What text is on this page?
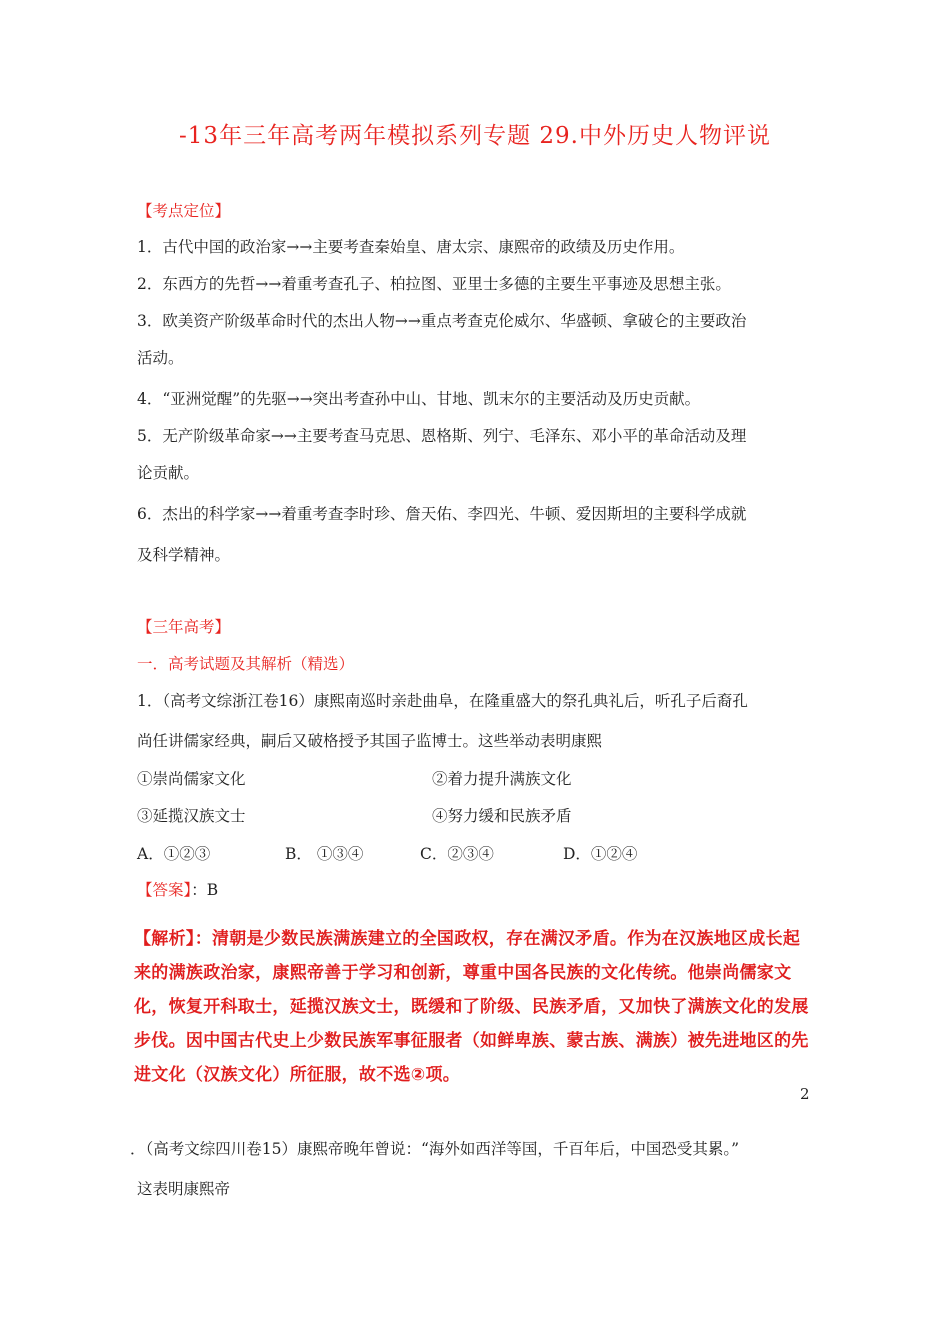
-13年三年高考两年模拟系列专题 29.中外历史人物评说
【考点定位】
1．古代中国的政治家→→主要考查秦始皇、唐太宗、康熙帝的政绩及历史作用。
2．东西方的先哲→→着重考查孔子、柏拉图、亚里士多德的主要生平事迹及思想主张。
3．欧美资产阶级革命时代的杰出人物→→重点考查克伦威尔、华盛顿、拿破仑的主要政治
活动。
4．“亚洲觉醒”的先驱→→突出考查孙中山、甘地、凯末尔的主要活动及历史贡献。
5．无产阶级革命家→→主要考查马克思、恩格斯、列宁、毛泽东、邓小平的革命活动及理
论贡献。
6．杰出的科学家→→着重考查李时珍、詹天佑、李四光、牛顿、爱因斯坦的主要科学成就
及科学精神。
【三年高考】
一．高考试题及其解析（精选）
1．（高考文综浙江卷16）康熙南巡时亲赴曲阜，在隆重盛大的祭孔典礼后，听孔子后裔孔
尚任讲儒家经典，嗣后又破格授予其国子监博士。这些举动表明康熙
①崇尚儒家文化	②着力提升满族文化
③延揽汉族文士	④努力缓和民族矛盾
A．①②③	B． ①③④	C．②③④	D．①②④
【答案】：B
【解析】：清朝是少数民族满族建立的全国政权，存在满汉矛盾。作为在汉族地区成长起来的满族政治家，康熙帝善于学习和创新，尊重中国各民族的文化传统。他崇尚儒家文化，恢复开科取士，延揽汉族文士，既缓和了阶级、民族矛盾，又加快了满族文化的发展步伐。因中国古代史上少数民族军事征服者（如鲜卑族、蒙古族、满族）被先进地区的先进文化（汉族文化）所征服，故不选②项。
2
．（高考文综四川卷15）康熙帝晚年曾说：“海外如西洋等国，千百年后，中国恐受其累。”
这表明康熙帝
